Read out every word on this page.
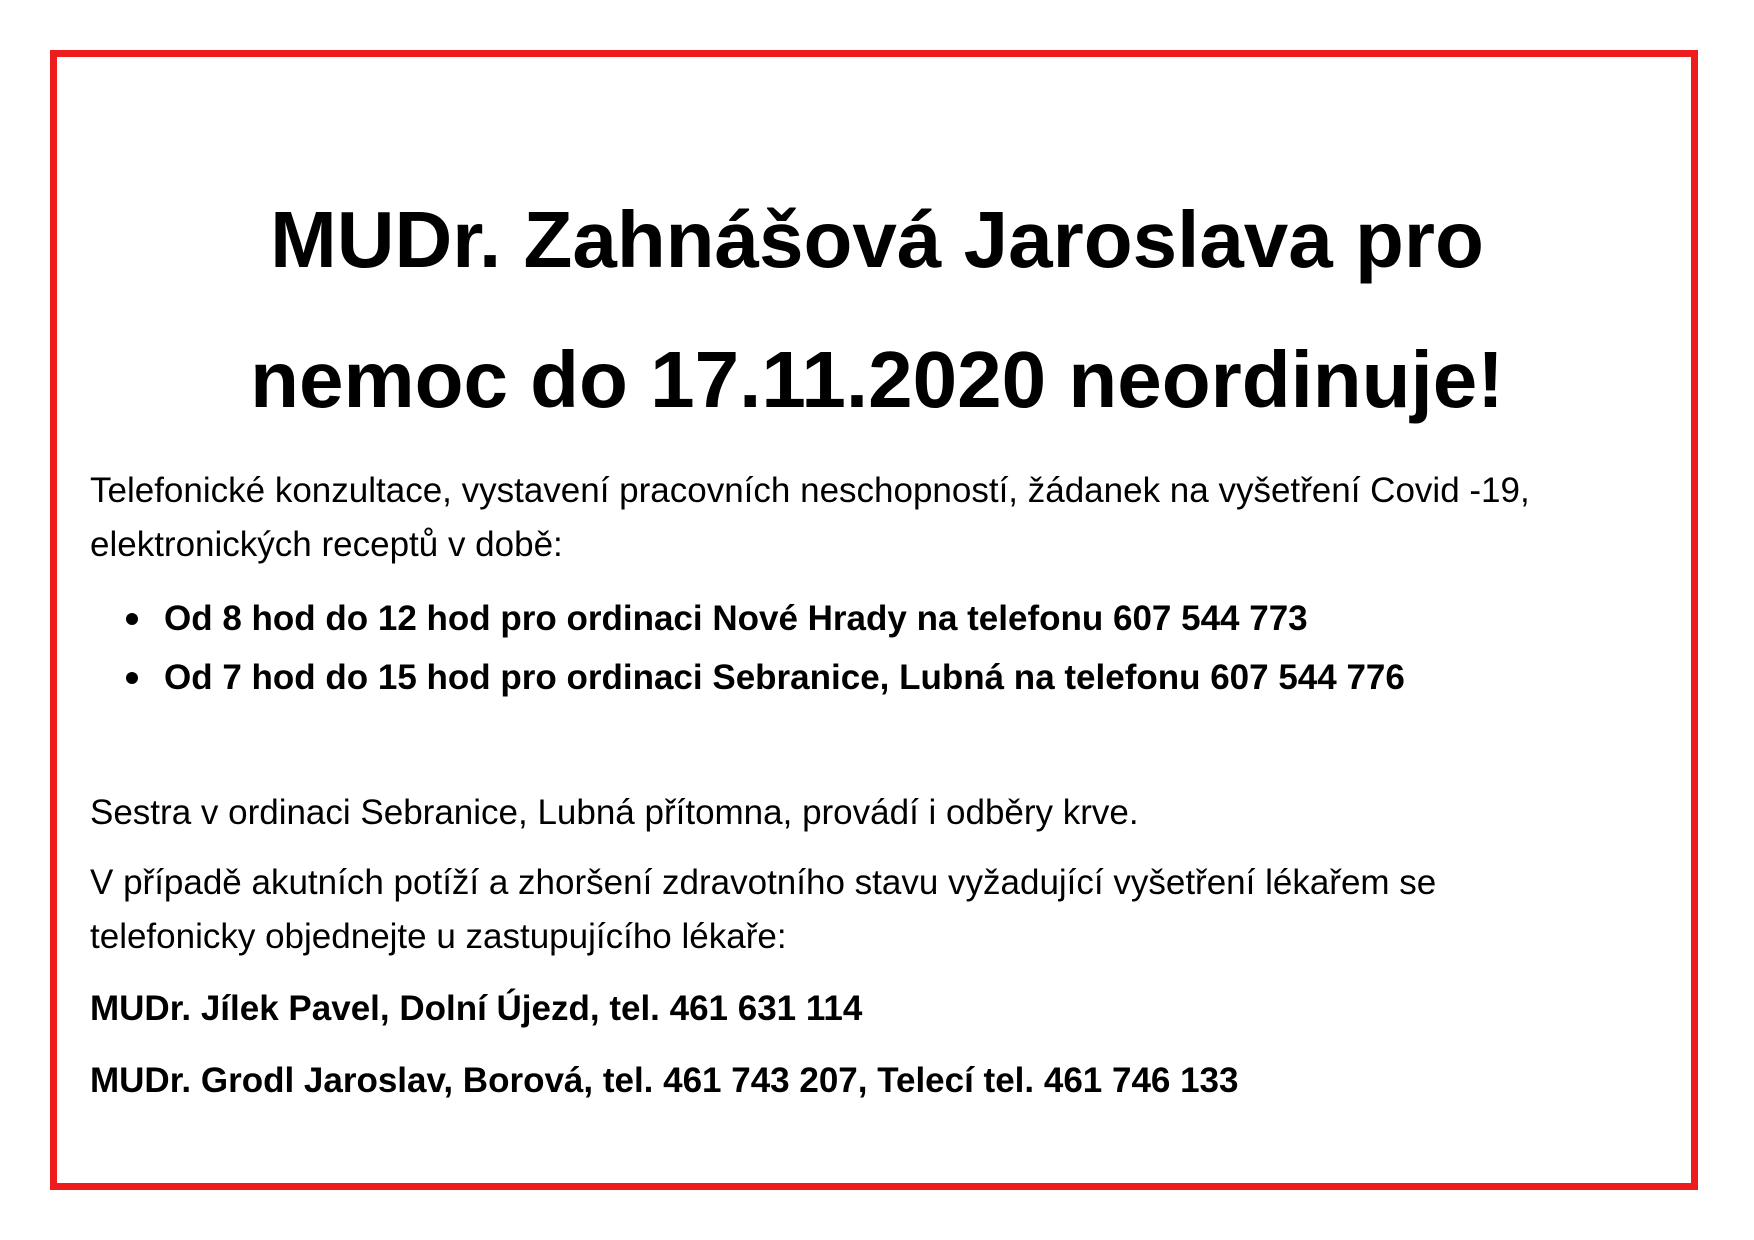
MUDr. Zahnášová Jaroslava pro
nemoc do 17.11.2020 neordinuje!
Telefonické konzultace, vystavení pracovních neschopností, žádanek na vyšetření Covid -19,
elektronických receptů v době:
Od 8 hod do 12 hod pro ordinaci Nové Hrady na telefonu 607 544 773
Od 7 hod do 15 hod pro ordinaci Sebranice, Lubná na telefonu 607 544 776
Sestra v ordinaci Sebranice, Lubná přítomna, provádí i odběry krve.
V případě akutních potíží a zhoršení zdravotního stavu vyžadující vyšetření lékařem se
telefonicky objednejte u zastupujícího lékaře:
MUDr. Jílek Pavel, Dolní Újezd, tel. 461 631 114
MUDr. Grodl Jaroslav, Borová, tel. 461 743 207, Telecí tel. 461 746 133
